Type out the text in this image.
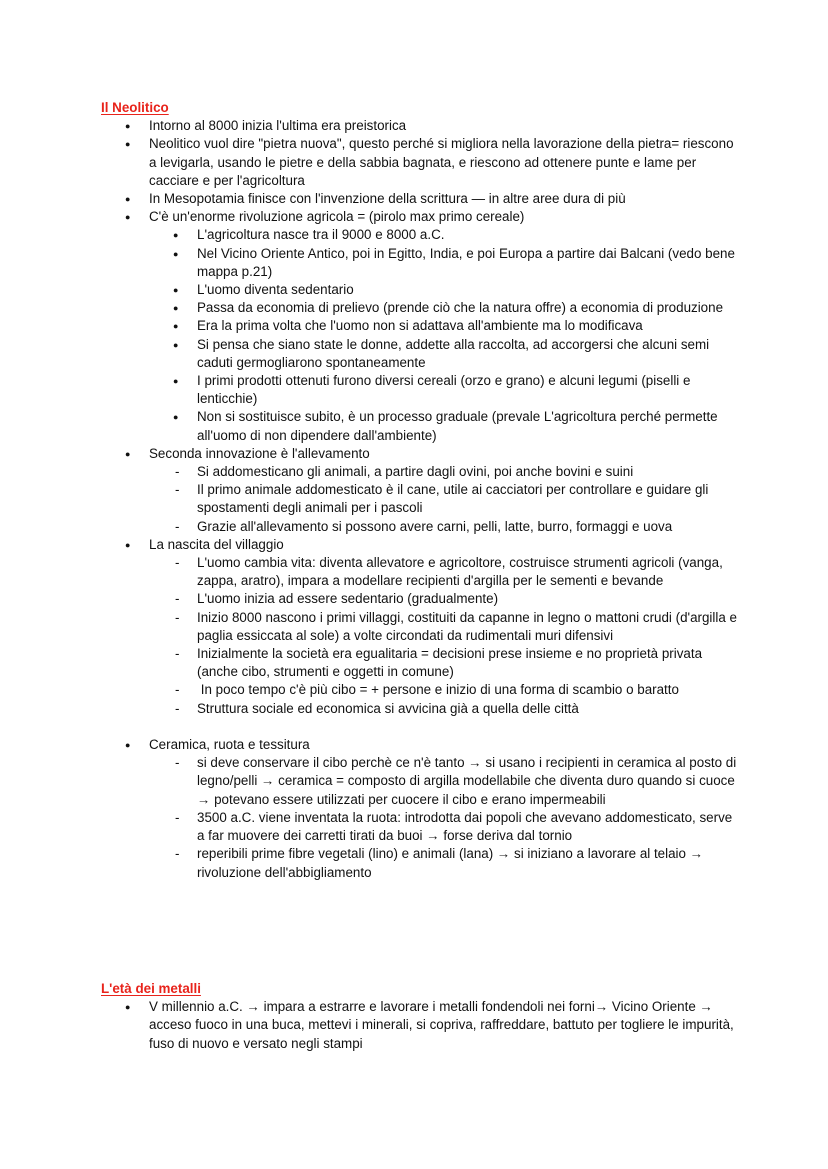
Il Neolitico
● Intorno al 8000 inizia l'ultima era preistorica
● Neolitico vuol dire "pietra nuova", questo perché si migliora nella lavorazione della pietra= riescono a levigarla, usando le pietre e della sabbia bagnata, e riescono ad ottenere punte e lame per cacciare e per l'agricoltura
● In Mesopotamia finisce con l'invenzione della scrittura — in altre aree dura di più
● C'è un'enorme rivoluzione agricola = (pirolo max primo cereale)
● L'agricoltura nasce tra il 9000 e 8000 a.C.
● Nel Vicino Oriente Antico, poi in Egitto, India, e poi Europa a partire dai Balcani (vedo bene mappa p.21)
● L'uomo diventa sedentario
● Passa da economia di prelievo (prende ciò che la natura offre) a economia di produzione
● Era la prima volta che l'uomo non si adattava all'ambiente ma lo modificava
● Si pensa che siano state le donne, addette alla raccolta, ad accorgersi che alcuni semi caduti germogliarono spontaneamente
● I primi prodotti ottenuti furono diversi cereali (orzo e grano) e alcuni legumi (piselli e lenticchie)
● Non si sostituisce subito, è un processo graduale (prevale L'agricoltura perché permette all'uomo di non dipendere dall'ambiente)
● Seconda innovazione è l'allevamento
- Si addomesticano gli animali, a partire dagli ovini, poi anche bovini e suini
- Il primo animale addomesticato è il cane, utile ai cacciatori per controllare e guidare gli spostamenti degli animali per i pascoli
- Grazie all'allevamento si possono avere carni, pelli, latte, burro, formaggi e uova
● La nascita del villaggio
- L'uomo cambia vita: diventa allevatore e agricoltore, costruisce strumenti agricoli (vanga, zappa, aratro), impara a modellare recipienti d'argilla per le sementi e bevande
- L'uomo inizia ad essere sedentario (gradualmente)
- Inizio 8000 nascono i primi villaggi, costituiti da capanne in legno o mattoni crudi (d'argilla e paglia essiccata al sole) a volte circondati da rudimentali muri difensivi
- Inizialmente la società era egualitaria = decisioni prese insieme e no proprietà privata (anche cibo, strumenti e oggetti in comune)
-  In poco tempo c'è più cibo = + persone e inizio di una forma di scambio o baratto
- Struttura sociale ed economica si avvicina già a quella delle città
● Ceramica, ruota e tessitura
- si deve conservare il cibo perchè ce n'è tanto → si usano i recipienti in ceramica al posto di legno/pelli → ceramica = composto di argilla modellabile che diventa duro quando si cuoce → potevano essere utilizzati per cuocere il cibo e erano impermeabili
- 3500 a.C. viene inventata la ruota: introdotta dai popoli che avevano addomesticato, serve a far muovere dei carretti tirati da buoi → forse deriva dal tornio
- reperibili prime fibre vegetali (lino) e animali (lana) → si iniziano a lavorare al telaio → rivoluzione dell'abbigliamento
L'età dei metalli
● V millennio a.C. → impara a estrarre e lavorare i metalli fondendoli nei forni→ Vicino Oriente → acceso fuoco in una buca, mettevi i minerali, si copriva, raffreddare, battuto per togliere le impurità, fuso di nuovo e versato negli stampi
